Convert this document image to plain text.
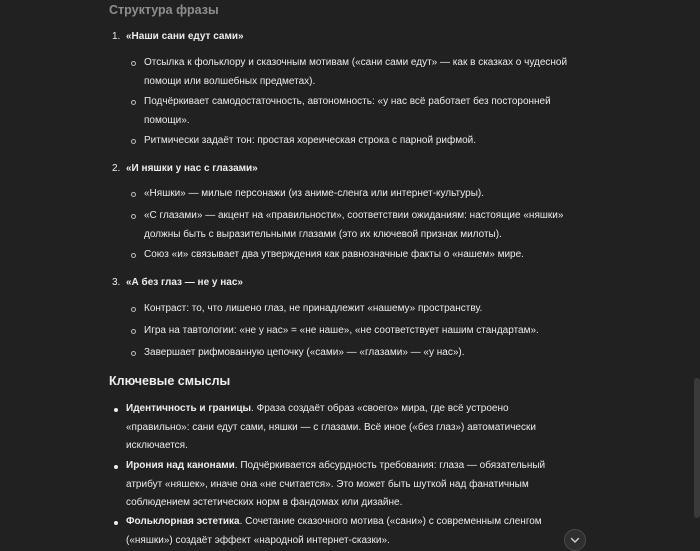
Структура фразы
1. «Наши сани едут сами»
Отсылка к фольклору и сказочным мотивам («сани сами едут» — как в сказках о чудесной помощи или волшебных предметах).
Подчёркивает самодостаточность, автономность: «у нас всё работает без посторонней помощи».
Ритмически задаёт тон: простая хореическая строка с парной рифмой.
2. «И няшки у нас с глазами»
«Няшки» — милые персонажи (из аниме-сленга или интернет-культуры).
«С глазами» — акцент на «правильности», соответствии ожиданиям: настоящие «няшки» должны быть с выразительными глазами (это их ключевой признак милоты).
Союз «и» связывает два утверждения как равнозначные факты о «нашем» мире.
3. «А без глаз — не у нас»
Контраст: то, что лишено глаз, не принадлежит «нашему» пространству.
Игра на тавтологии: «не у нас» = «не наше», «не соответствует нашим стандартам».
Завершает рифмованную цепочку («сами» — «глазами» — «у нас»).
Ключевые смыслы
Идентичность и границы. Фраза создаёт образ «своего» мира, где всё устроено «правильно»: сани едут сами, няшки — с глазами. Всё иное («без глаз») автоматически исключается.
Ирония над канонами. Подчёркивается абсурдность требования: глаза — обязательный атрибут «няшек», иначе она «не считается». Это может быть шуткой над фанатичным соблюдением эстетических норм в фандомах или дизайне.
Фольклорная эстетика. Сочетание сказочного мотива («сани») с современным сленгом («няшки») создаёт эффект «народной интернет-сказки».
